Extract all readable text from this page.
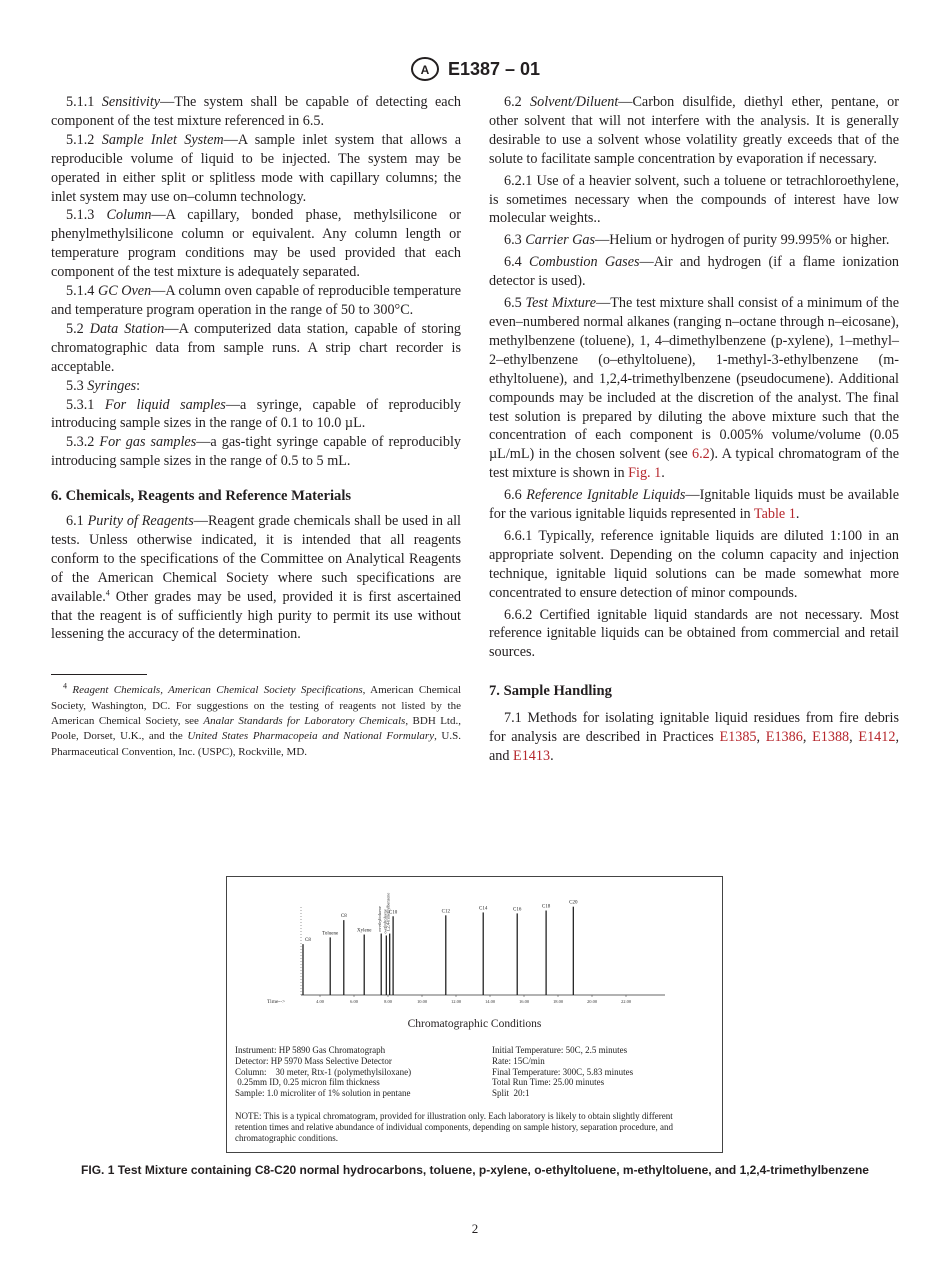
A E1387 – 01

5.1.1 Sensitivity—The system shall be capable of detecting each component of the test mixture referenced in 6.5.

5.1.2 Sample Inlet System—A sample inlet system that allows a reproducible volume of liquid to be injected. The system may be operated in either split or splitless mode with capillary columns; the inlet system may use on–column technology.

5.1.3 Column—A capillary, bonded phase, methylsilicone or phenylmethylsilicone column or equivalent. Any column length or temperature program conditions may be used provided that each component of the test mixture is adequately separated.

5.1.4 GC Oven—A column oven capable of reproducible temperature and temperature program operation in the range of 50 to 300°C.

5.2 Data Station—A computerized data station, capable of storing chromatographic data from sample runs. A strip chart recorder is acceptable.

5.3 Syringes:

5.3.1 For liquid samples—a syringe, capable of reproducibly introducing sample sizes in the range of 0.1 to 10.0 µL.

5.3.2 For gas samples—a gas-tight syringe capable of reproducibly introducing sample sizes in the range of 0.5 to 5 mL.

6. Chemicals, Reagents and Reference Materials

6.1 Purity of Reagents—Reagent grade chemicals shall be used in all tests. Unless otherwise indicated, it is intended that all reagents conform to the specifications of the Committee on Analytical Reagents of the American Chemical Society where such specifications are available.$^4$ Other grades may be used, provided it is first ascertained that the reagent is of sufficiently high purity to permit its use without lessening the accuracy of the determination.

$^4$ Reagent Chemicals, American Chemical Society Specifications, American Chemical Society, Washington, DC. For suggestions on the testing of reagents not listed by the American Chemical Society, see Analar Standards for Laboratory Chemicals, BDH Ltd., Poole, Dorset, U.K., and the United States Pharmacopeia and National Formulary, U.S. Pharmaceutical Convention, Inc. (USPC), Rockville, MD.

6.2 Solvent/Diluent—Carbon disulfide, diethyl ether, pentane, or other solvent that will not interfere with the analysis. It is generally desirable to use a solvent whose volatility greatly exceeds that of the solute to facilitate sample concentration by evaporation if necessary.

6.2.1 Use of a heavier solvent, such a toluene or tetrachloroethylene, is sometimes necessary when the compounds of interest have low molecular weights..

6.3 Carrier Gas—Helium or hydrogen of purity 99.995% or higher.

6.4 Combustion Gases—Air and hydrogen (if a flame ionization detector is used).

6.5 Test Mixture—The test mixture shall consist of a minimum of the even–numbered normal alkanes (ranging n–octane through n–eicosane), methylbenzene (toluene), 1, 4–dimethylbenzene (p-xylene), 1–methyl–2–ethylbenzene (o–ethyltoluene), 1-methyl-3-ethylbenzene (m-ethyltoluene), and 1,2,4-trimethylbenzene (pseudocumene). Additional compounds may be included at the discretion of the analyst. The final test solution is prepared by diluting the above mixture such that the concentration of each component is 0.005% volume/volume (0.05 µL/mL) in the chosen solvent (see 6.2). A typical chromatogram of the test mixture is shown in Fig. 1.

6.6 Reference Ignitable Liquids—Ignitable liquids must be available for the various ignitable liquids represented in Table 1.

6.6.1 Typically, reference ignitable liquids are diluted 1:100 in an appropriate solvent. Depending on the column capacity and injection technique, ignitable liquid solutions can be made somewhat more concentrated to ensure detection of minor compounds.

6.6.2 Certified ignitable liquid standards are not necessary. Most reference ignitable liquids can be obtained from commercial and retail sources.

7. Sample Handling

7.1 Methods for isolating ignitable liquid residues from fire debris for analysis are described in Practices E1385, E1386, E1388, E1412, and E1413.

Time-->	4.00	6.00	8.00	10.00	12.00	14.00	16.00	18.00	20.00	22.00
C8
Toluene
C8
Xylene m-ethyltoluene o-ethyltoluene
1,2,4-trimethylbenzene
C10	C12
C14	C16
C18
C20
Chromatographic Conditions
Instrument: HP 5890 Gas Chromatograph
Detector: HP 5970 Mass Selective Detector
Column:    30 meter, Rtx-1 (polymethylsiloxane)
0.25mm ID, 0.25 micron film thickness
Sample: 1.0 microliter of 1% solution in pentane
Initial Temperature: 50C, 2.5 minutes
Rate: 15C/min
Final Temperature: 300C, 5.83 minutes
Total Run Time: 25.00 minutes
Split  20:1
NOTE: This is a typical chromatogram, provided for illustration only. Each laboratory is likely to obtain slightly different retention times and relative abundance of individual components, depending on sample history, separation procedure, and chromatographic conditions.
FIG. 1 Test Mixture containing C8-C20 normal hydrocarbons, toluene, p-xylene, o-ethyltoluene, m-ethyltoluene, and 1,2,4-trimethylbenzene
2
